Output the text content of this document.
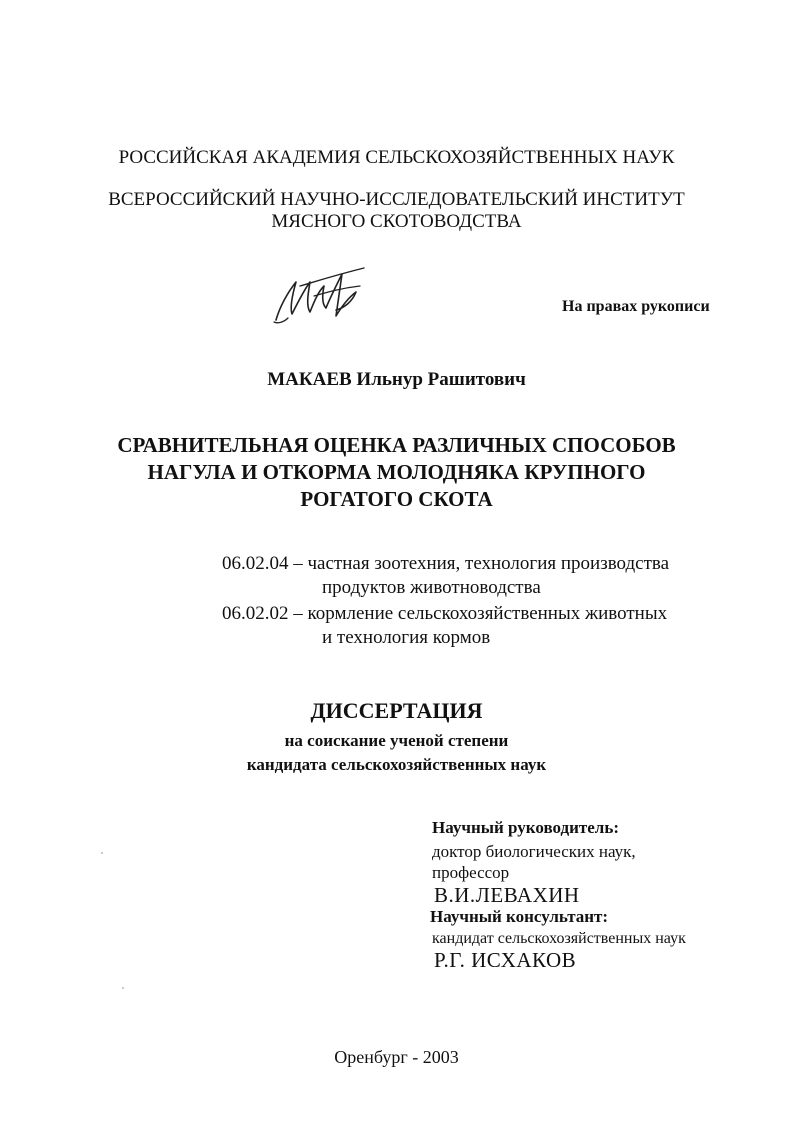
РОССИЙСКАЯ АКАДЕМИЯ СЕЛЬСКОХОЗЯЙСТВЕННЫХ НАУК
ВСЕРОССИЙСКИЙ НАУЧНО-ИССЛЕДОВАТЕЛЬСКИЙ ИНСТИТУТ
МЯСНОГО СКОТОВОДСТВА
На правах рукописи
МАКАЕВ Ильнур Рашитович
СРАВНИТЕЛЬНАЯ ОЦЕНКА РАЗЛИЧНЫХ СПОСОБОВ
НАГУЛА И ОТКОРМА МОЛОДНЯКА КРУПНОГО
РОГАТОГО СКОТА
06.02.04 – частная зоотехния, технология производства
продуктов животноводства
06.02.02 – кормление сельскохозяйственных животных
и технология кормов
ДИССЕРТАЦИЯ
на соискание ученой степени
кандидата сельскохозяйственных наук
Научный руководитель:
доктор биологических наук,
профессор
В.И.ЛЕВАХИН
Научный консультант:
кандидат сельскохозяйственных наук
Р.Г. ИСХАКОВ
Оренбург - 2003
